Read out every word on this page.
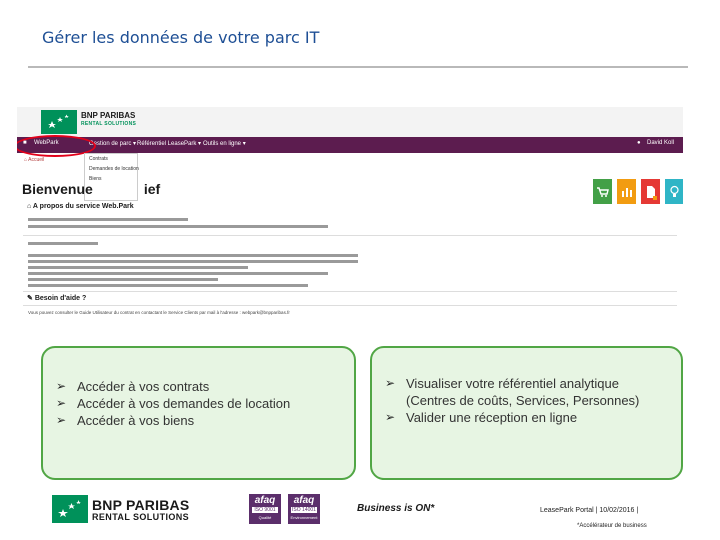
Gérer les données de votre parc IT
BNP PARIBAS
RENTAL SOLUTIONS
■ WebPark	Gestion de parc ▾ Référentiel LeasePark ▾ Outils en ligne ▾	● David Koll
Contrats
Demandes de location
Biens
⌂ Accueil
Bienvenue	ief
⌂ A propos du service Web.Park
✎ Besoin d'aide ?
Vous pouvez consulter le Guide Utilisateur du contrat en contactant le Service Clients par mail à l'adresse : webpark@bnpparibas.fr
➢ Accéder à vos contrats
➢ Accéder à vos demandes de location
➢ Accéder à vos biens
➢ Visualiser votre référentiel analytique
(Centres de coûts, Services, Personnes)
➢ Valider une réception en ligne
BNP PARIBAS
RENTAL SOLUTIONS
afaq
ISO 9001
Qualité
afaq
ISO 14001
Environnement
Business is ON*	LeasePark Portal | 10/02/2016 |
*Accélérateur de business
